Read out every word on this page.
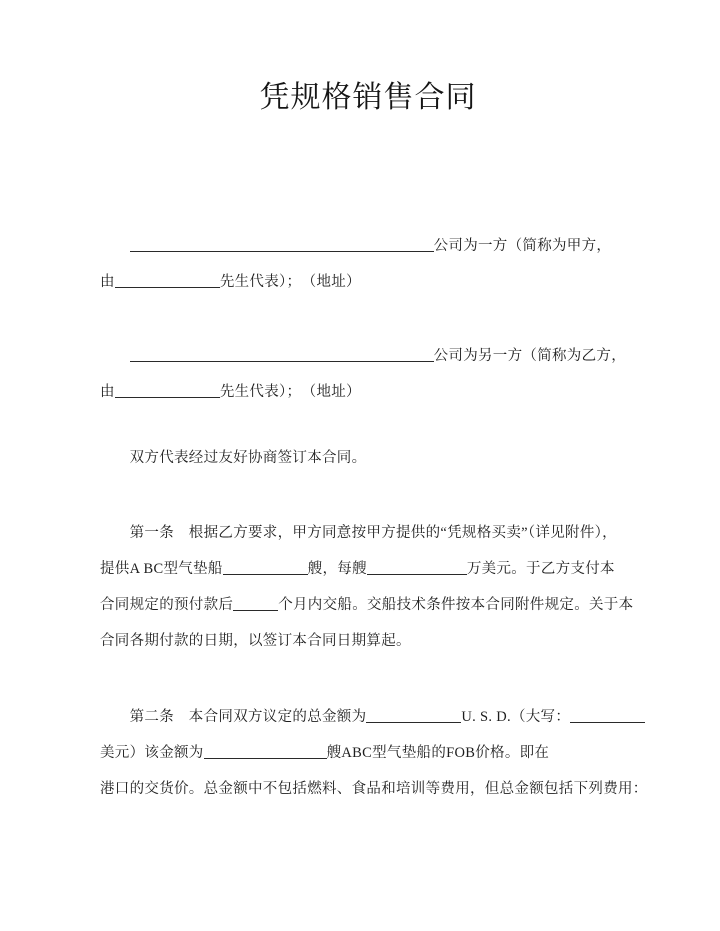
凭规格销售合同
　　公司为一方（简称为甲方，
由	先生代表）；　（地址）
　　公司为另一方（简称为乙方，
由	先生代表）；　（地址）
　　双方代表经过友好协商签订本合同。
　　第一条　根据乙方要求，甲方同意按甲方提供的“凭规格买卖”（详见附件），
提供A BC型气垫船	艘，每艘	万美元。于乙方支付本
合同规定的预付款后	个月内交船。交船技术条件按本合同附件规定。关于本
合同各期付款的日期，以签订本合同日期算起。
　　第二条　本合同双方议定的总金额为	U. S. D.（大写：
美元）该金额为	艘ABC型气垫船的FOB价格。即在
港口的交货价。总金额中不包括燃料、食品和培训等费用，但总金额包括下列费用：
